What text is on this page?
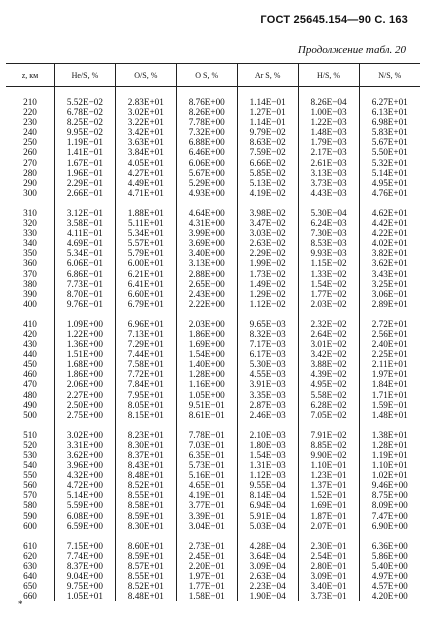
ГОСТ 25645.154—90 С. 163
Продолжение табл. 20
z, км	He/S, %	O/S, %	O S, %	Ar S, %	H/S, %	N/S, %

210	5.52E−02	2.83E+01	8.76E+00	1.14E−01	8.26E−04	6.27E+01
220	6.78E−02	3.02E+01	8.26E+00	1.27E−01	1.00E−03	6.13E+01
230	8.25E−02	3.22E+01	7.78E+00	1.14E−01	1.22E−03	6.98E+01
240	9.95E−02	3.42E+01	7.32E+00	9.79E−02	1.48E−03	5.83E+01
250	1.19E−01	3.63E+01	6.88E+00	8.63E−02	1.79E−03	5.67E+01
260	1.41E−01	3.84E+01	6.46E+00	7.59E−02	2.17E−03	5.50E+01
270	1.67E−01	4.05E+01	6.06E+00	6.66E−02	2.61E−03	5.32E+01
280	1.96E−01	4.27E+01	5.67E+00	5.85E−02	3.13E−03	5.14E+01
290	2.29E−01	4.49E+01	5.29E+00	5.13E−02	3.73E−03	4.95E+01
300	2.66E−01	4.71E+01	4.93E+00	4.19E−02	4.43E−03	4.76E+01

310	3.12E−01	1.88E+01	4.64E+00	3.98E−02	5.30E−04	4.62E+01
320	3.58E−01	5.11E+01	4.31E+00	3.47E−02	6.24E−03	4.42E+01
330	4.11E−01	5.34E+01	3.99E+00	3.03E−02	7.30E−03	4.22E+01
340	4.69E−01	5.57E+01	3.69E+00	2.63E−02	8.53E−03	4.02E+01
350	5.34E−01	5.79E+01	3.40E+00	2.29E−02	9.93E−03	3.82E+01
360	6.06E−01	6.00E+01	3.13E+00	1.99E−02	1.15E−02	3.62E+01
370	6.86E−01	6.21E+01	2.88E+00	1.73E−02	1.33E−02	3.43E+01
380	7.73E−01	6.41E+01	2.65E−00	1.49E−02	1.54E−02	3.25E+01
390	8.70E−01	6.60E+01	2.43E+00	1.29E−02	1.77E−02	3.06E−01
400	9.76E−01	6.79E+01	2.22E+00	1.12E−02	2.03E−02	2.89E+01

410	1.09E+00	6.96E+01	2.03E+00	9.65E−03	2.32E−02	2.72E+01
420	1.22E+00	7.13E+01	1.86E+00	8.32E−03	2.64E−02	2.56E+01
430	1.36E+00	7.29E+01	1.69E+00	7.17E−03	3.01E−02	2.40E+01
440	1.51E+00	7.44E+01	1.54E+00	6.17E−03	3.42E−02	2.25E+01
450	1.68E+00	7.58E+01	1.40E+00	5.30E−03	3.88E−02	2.11E+01
460	1.86E+00	7.72E+01	1.28E+00	4.55E−03	4.39E−02	1.97E+01
470	2.06E+00	7.84E+01	1.16E+00	3.91E−03	4.95E−02	1.84E+01
480	2.27E+00	7.95E+01	1.05E+00	3.35E−03	5.58E−02	1.71E+01
490	2.50E+00	8.05E+01	9.51E−01	2.87E−03	6.28E−02	1.59E−01
500	2.75E+00	8.15E+01	8.61E−01	2.46E−03	7.05E−02	1.48E+01

510	3.02E+00	8.23E+01	7.78E−01	2.10E−03	7.91E−02	1.38E+01
520	3.31E+00	8.30E+01	7.03E−01	1.80E−03	8.85E−02	1.28E+01
530	3.62E+00	8.37E+01	6.35E−01	1.54E−03	9.90E−02	1.19E+01
540	3.96E+00	8.43E+01	5.73E−01	1.31E−03	1.10E−01	1.10E+01
550	4.32E+00	8.48E+01	5.16E−01	1.12E−03	1.23E−01	1.02E+01
560	4.72E+00	8.52E+01	4.65E−01	9.55E−04	1.37E−01	9.46E+00
570	5.14E+00	8.55E+01	4.19E−01	8.14E−04	1.52E−01	8.75E+00
580	5.59E+00	8.58E+01	3.77E−01	6.94E−04	1.69E−01	8.09E+00
590	6.08E+00	8.59E+01	3.39E−01	5.91E−04	1.87E−01	7.47E+00
600	6.59E+00	8.30E+01	3.04E−01	5.03E−04	2.07E−01	6.90E+00

610	7.15E+00	8.60E+01	2.73E−01	4.28E−04	2.30E−01	6.36E+00
620	7.74E+00	8.59E+01	2.45E−01	3.64E−04	2.54E−01	5.86E+00
630	8.37E+00	8.57E+01	2.20E−01	3.09E−04	2.80E−01	5.40E+00
640	9.04E+00	8.55E+01	1.97E−01	2.63E−04	3.09E−01	4.97E+00
650	9.75E+00	8.52E+01	1.77E−01	2.23E−04	3.40E−01	4.57E+00
660	1.05E+01	8.48E+01	1.58E−01	1.90E−04	3.73E−01	4.20E+00
*
